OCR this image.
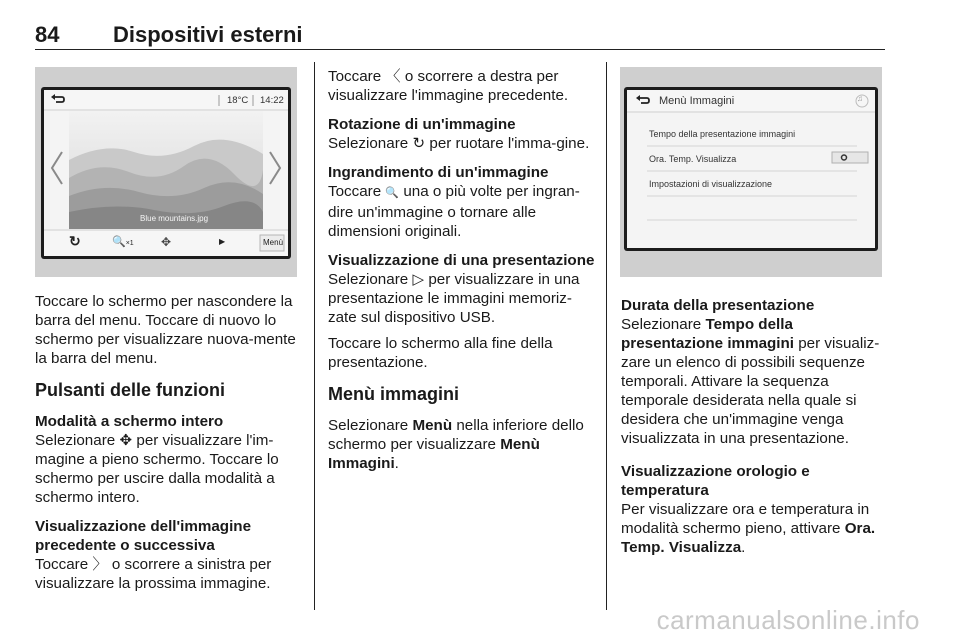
84 Dispositivi esterni
18°C 14:22
Blue mountains.jpg
↻	🔍×1 ✥	▶	Menù
Menù Immagini	♫
Tempo della presentazione immagini
Ora. Temp. Visualizza
Impostazioni di visualizzazione

Toccare lo schermo per nascondere la barra del menu. Toccare di nuovo lo schermo per visualizzare nuova-mente la barra del menu.

Pulsanti delle funzioni

Modalità a schermo intero

Selezionare ✥ per visualizzare l'im-magine a pieno schermo. Toccare lo schermo per uscire dalla modalità a schermo intero.

Visualizzazione dell'immagine precedente o successiva

Toccare 〉 o scorrere a sinistra per visualizzare la prossima immagine.

Toccare 〈 o scorrere a destra per visualizzare l'immagine precedente.

Rotazione di un'immagine

Selezionare ↻ per ruotare l'imma-gine.

Ingrandimento di un'immagine

Toccare 🔍 una o più volte per ingran-dire un'immagine o tornare alle dimensioni originali.

Visualizzazione di una presentazione

Selezionare ▷ per visualizzare in una presentazione le immagini memoriz-zate sul dispositivo USB.

Toccare lo schermo alla fine della presentazione.

Menù immagini

Selezionare Menù nella inferiore dello schermo per visualizzare Menù Immagini.

Durata della presentazione

Selezionare Tempo della presentazione immagini per visualiz-zare un elenco di possibili sequenze temporali. Attivare la sequenza temporale desiderata nella quale si desidera che un'immagine venga visualizzata in una presentazione.

Visualizzazione orologio e temperatura

Per visualizzare ora e temperatura in modalità schermo pieno, attivare Ora. Temp. Visualizza.

carmanualsonline.info
